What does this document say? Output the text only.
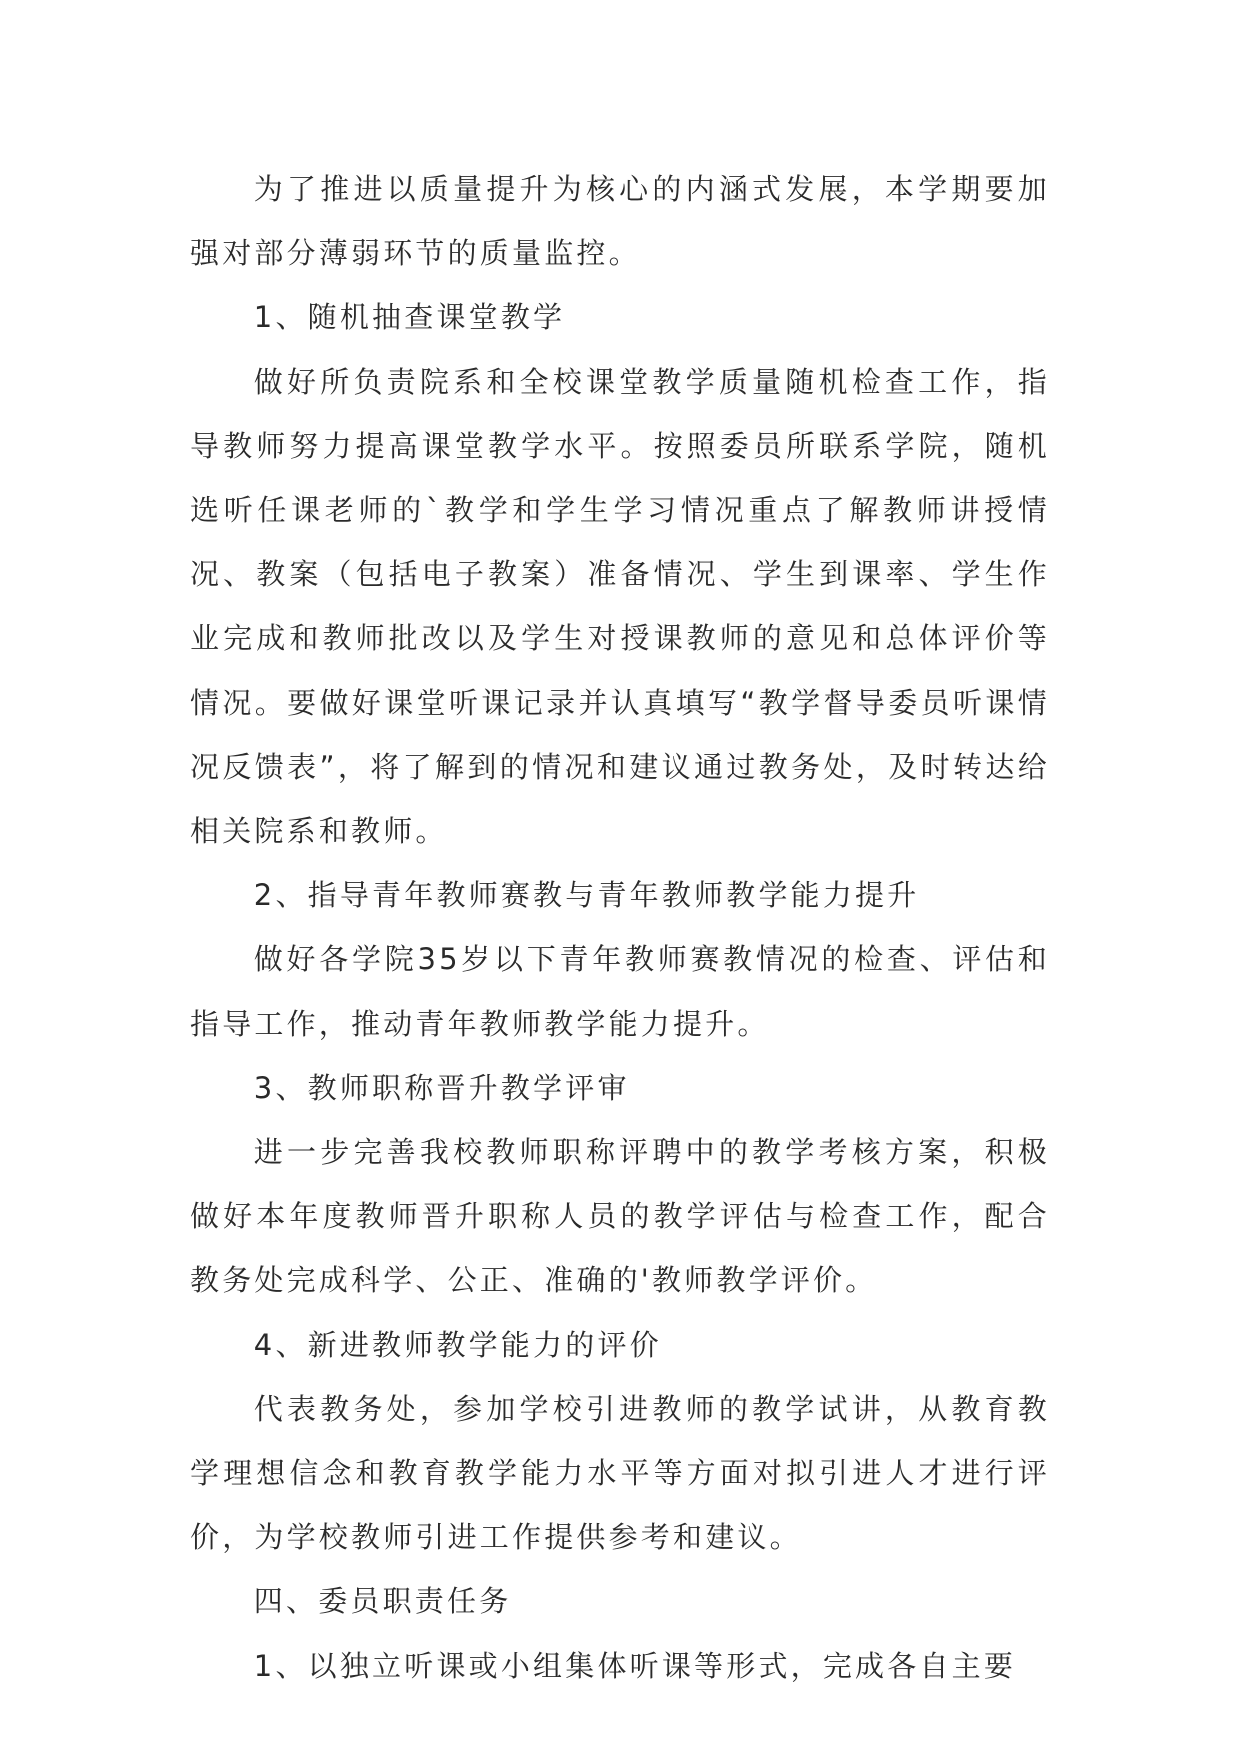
为了推进以质量提升为核心的内涵式发展，本学期要加强对部分薄弱环节的质量监控。

1、随机抽查课堂教学

做好所负责院系和全校课堂教学质量随机检查工作，指导教师努力提高课堂教学水平。按照委员所联系学院，随机选听任课老师的`教学和学生学习情况重点了解教师讲授情况、教案（包括电子教案）准备情况、学生到课率、学生作业完成和教师批改以及学生对授课教师的意见和总体评价等情况。要做好课堂听课记录并认真填写“教学督导委员听课情况反馈表”，将了解到的情况和建议通过教务处，及时转达给相关院系和教师。

2、指导青年教师赛教与青年教师教学能力提升

做好各学院35岁以下青年教师赛教情况的检查、评估和指导工作，推动青年教师教学能力提升。

3、教师职称晋升教学评审

进一步完善我校教师职称评聘中的教学考核方案，积极做好本年度教师晋升职称人员的教学评估与检查工作，配合教务处完成科学、公正、准确的'教师教学评价。

4、新进教师教学能力的评价

代表教务处，参加学校引进教师的教学试讲，从教育教学理想信念和教育教学能力水平等方面对拟引进人才进行评价，为学校教师引进工作提供参考和建议。

四、委员职责任务

1、以独立听课或小组集体听课等形式，完成各自主要
